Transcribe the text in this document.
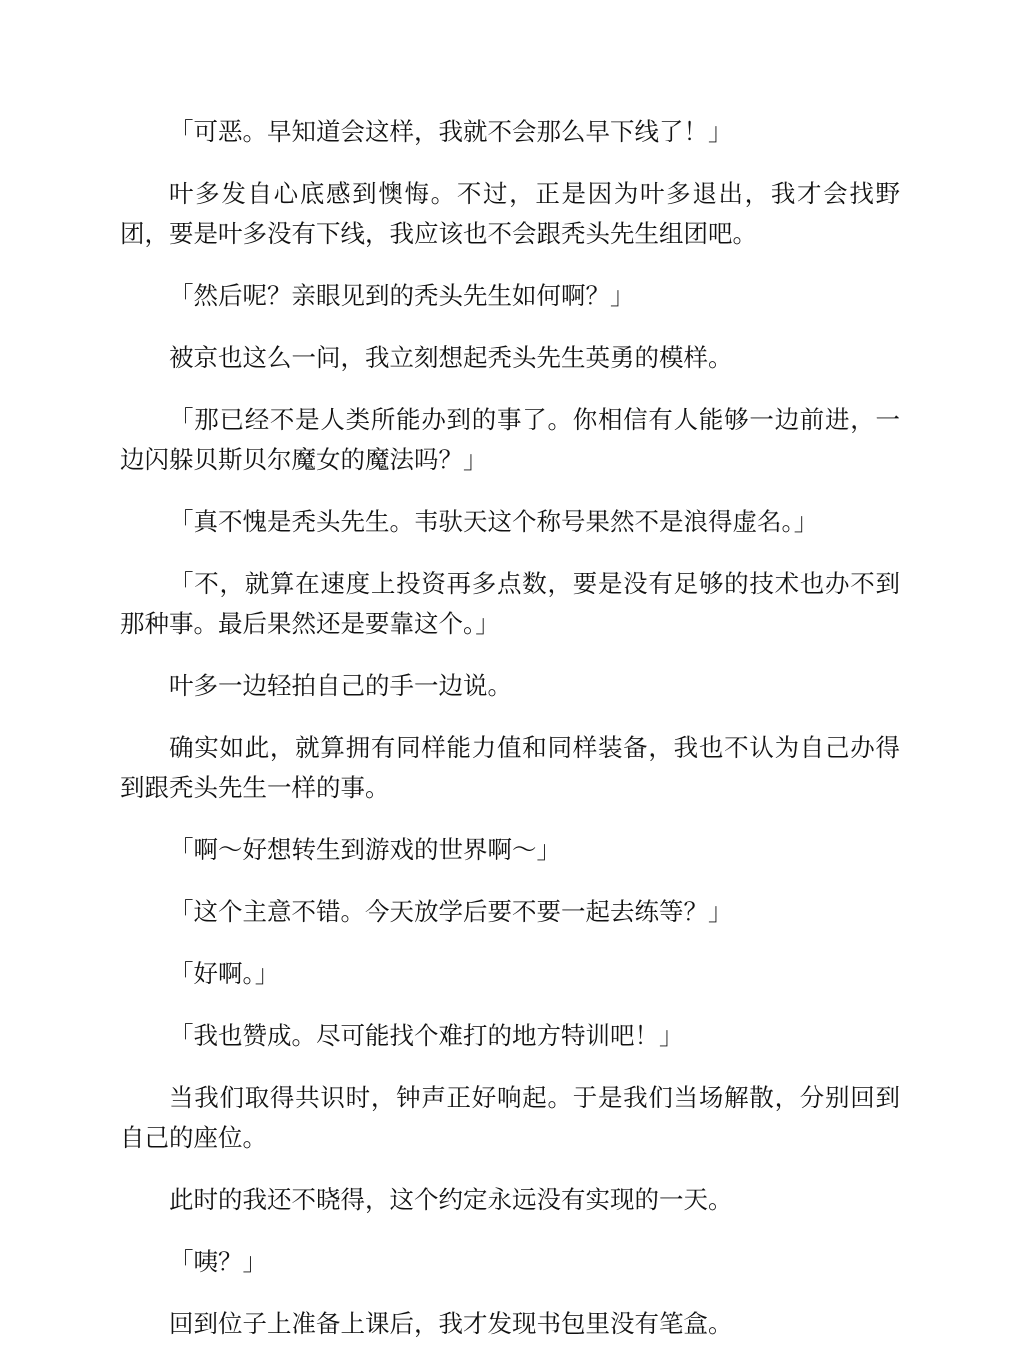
「可恶。早知道会这样，我就不会那么早下线了！」

叶多发自心底感到懊悔。不过，正是因为叶多退出，我才会找野团，要是叶多没有下线，我应该也不会跟秃头先生组团吧。

「然后呢？亲眼见到的秃头先生如何啊？」

被京也这么一问，我立刻想起秃头先生英勇的模样。

「那已经不是人类所能办到的事了。你相信有人能够一边前进，一边闪躲贝斯贝尔魔女的魔法吗？」

「真不愧是秃头先生。韦驮天这个称号果然不是浪得虚名。」

「不，就算在速度上投资再多点数，要是没有足够的技术也办不到那种事。最后果然还是要靠这个。」

叶多一边轻拍自己的手一边说。

确实如此，就算拥有同样能力值和同样装备，我也不认为自己办得到跟秃头先生一样的事。

「啊～好想转生到游戏的世界啊～」

「这个主意不错。今天放学后要不要一起去练等？」

「好啊。」

「我也赞成。尽可能找个难打的地方特训吧！」

当我们取得共识时，钟声正好响起。于是我们当场解散，分别回到自己的座位。

此时的我还不晓得，这个约定永远没有实现的一天。

「咦？」

回到位子上准备上课后，我才发现书包里没有笔盒。
